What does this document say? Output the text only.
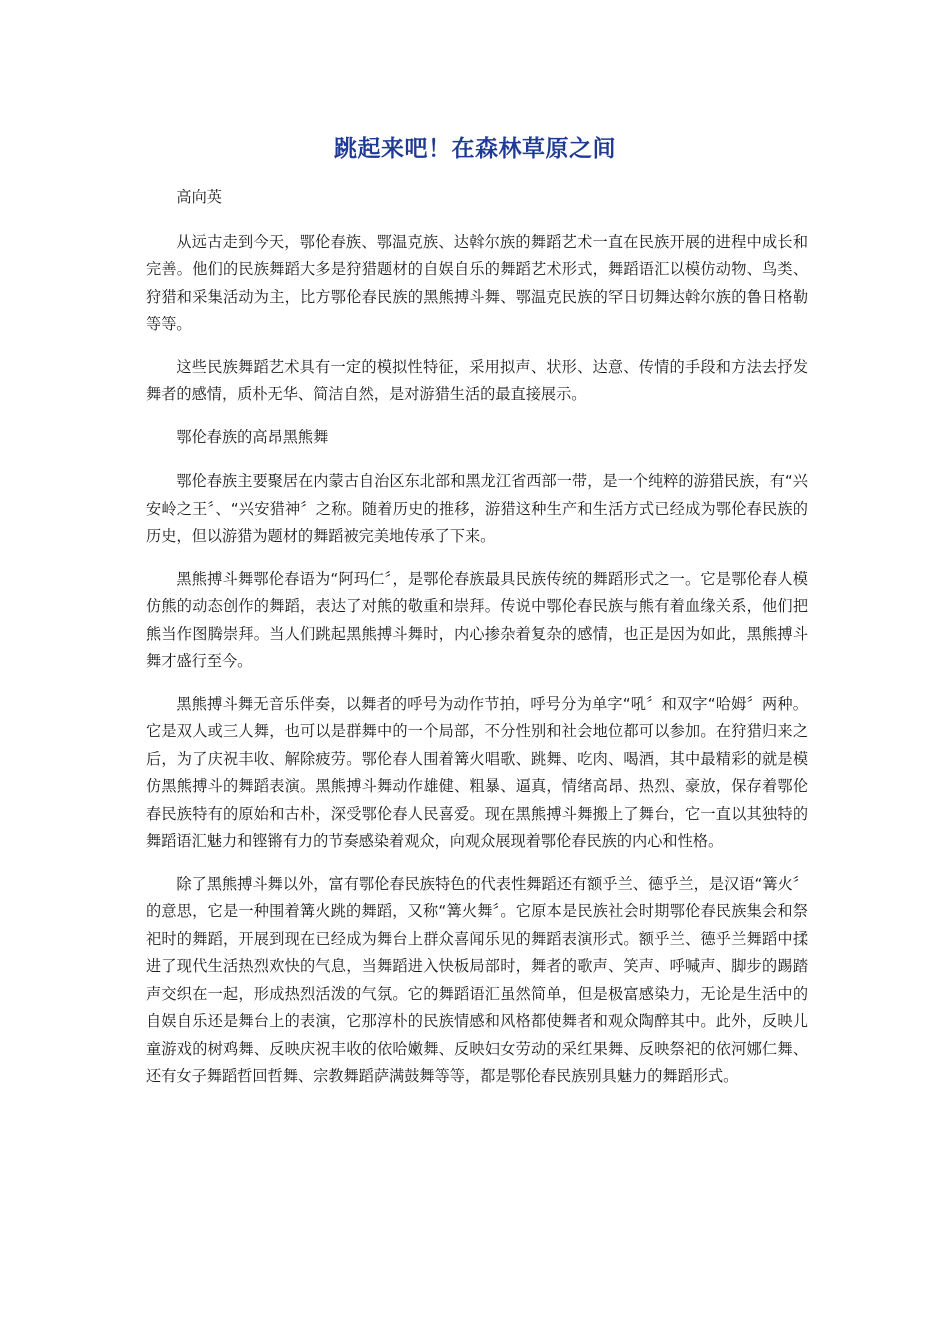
跳起来吧！在森林草原之间

高向英

从远古走到今天，鄂伦春族、鄂温克族、达斡尔族的舞蹈艺术一直在民族开展的进程中成长和完善。他们的民族舞蹈大多是狩猎题材的自娱自乐的舞蹈艺术形式，舞蹈语汇以模仿动物、鸟类、狩猎和采集活动为主，比方鄂伦春民族的黑熊搏斗舞、鄂温克民族的罕日切舞达斡尔族的鲁日格勒等等。

这些民族舞蹈艺术具有一定的模拟性特征，采用拟声、状形、达意、传情的手段和方法去抒发舞者的感情，质朴无华、简洁自然，是对游猎生活的最直接展示。

鄂伦春族的高昂黑熊舞

鄂伦春族主要聚居在内蒙古自治区东北部和黑龙江省西部一带，是一个纯粹的游猎民族，有“兴安岭之王〞、“兴安猎神〞之称。随着历史的推移，游猎这种生产和生活方式已经成为鄂伦春民族的历史，但以游猎为题材的舞蹈被完美地传承了下来。

黑熊搏斗舞鄂伦春语为“阿玛仁〞，是鄂伦春族最具民族传统的舞蹈形式之一。它是鄂伦春人模仿熊的动态创作的舞蹈，表达了对熊的敬重和崇拜。传说中鄂伦春民族与熊有着血缘关系，他们把熊当作图腾崇拜。当人们跳起黑熊搏斗舞时，内心掺杂着复杂的感情，也正是因为如此，黑熊搏斗舞才盛行至今。

黑熊搏斗舞无音乐伴奏，以舞者的呼号为动作节拍，呼号分为单字“吼〞和双字“哈姆〞两种。它是双人或三人舞，也可以是群舞中的一个局部，不分性别和社会地位都可以参加。在狩猎归来之后，为了庆祝丰收、解除疲劳。鄂伦春人围着篝火唱歌、跳舞、吃肉、喝酒，其中最精彩的就是模仿黑熊搏斗的舞蹈表演。黑熊搏斗舞动作雄健、粗暴、逼真，情绪高昂、热烈、豪放，保存着鄂伦春民族特有的原始和古朴，深受鄂伦春人民喜爱。现在黑熊搏斗舞搬上了舞台，它一直以其独特的舞蹈语汇魅力和铿锵有力的节奏感染着观众，向观众展现着鄂伦春民族的内心和性格。

除了黑熊搏斗舞以外，富有鄂伦春民族特色的代表性舞蹈还有额乎兰、德乎兰，是汉语“篝火〞的意思，它是一种围着篝火跳的舞蹈，又称“篝火舞〞。它原本是民族社会时期鄂伦春民族集会和祭祀时的舞蹈，开展到现在已经成为舞台上群众喜闻乐见的舞蹈表演形式。额乎兰、德乎兰舞蹈中揉进了现代生活热烈欢快的气息，当舞蹈进入快板局部时，舞者的歌声、笑声、呼喊声、脚步的踢踏声交织在一起，形成热烈活泼的气氛。它的舞蹈语汇虽然简单，但是极富感染力，无论是生活中的自娱自乐还是舞台上的表演，它那淳朴的民族情感和风格都使舞者和观众陶醉其中。此外，反映儿童游戏的树鸡舞、反映庆祝丰收的依哈嫩舞、反映妇女劳动的采红果舞、反映祭祀的依河娜仁舞、还有女子舞蹈哲回哲舞、宗教舞蹈萨满鼓舞等等，都是鄂伦春民族别具魅力的舞蹈形式。
